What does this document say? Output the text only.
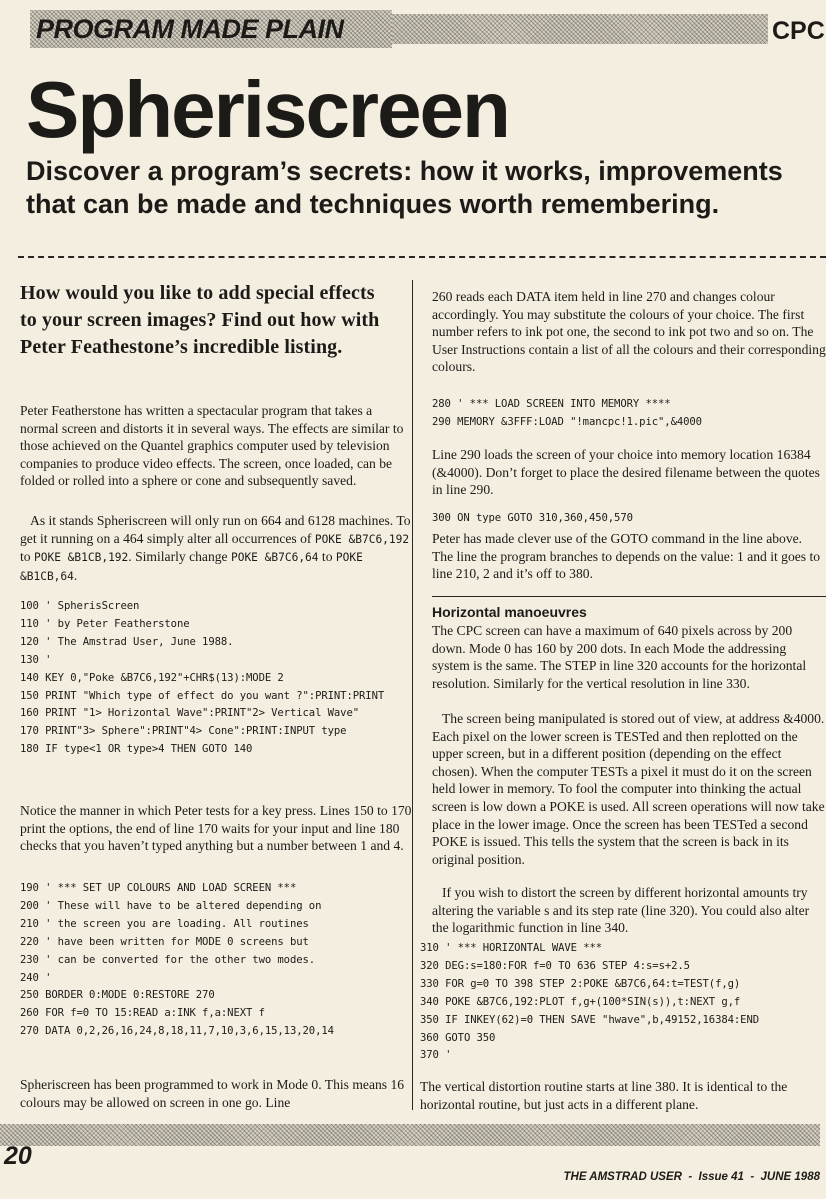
PROGRAM MADE PLAIN	CPC
Spheriscreen
Discover a program’s secrets: how it works, improvements
that can be made and techniques worth remembering.
How would you like to add special effects to your screen images? Find out how with Peter Feathestone’s incredible listing.
Peter Featherstone has written a spectacular program that takes a normal screen and distorts it in several ways. The effects are similar to those achieved on the Quantel graphics computer used by television companies to produce video effects. The screen, once loaded, can be folded or rolled into a sphere or cone and subsequently saved.
As it stands Spheriscreen will only run on 664 and 6128 machines. To get it running on a 464 simply alter all occurrences of POKE &B7C6,192 to POKE &B1CB,192. Similarly change POKE &B7C6,64 to POKE &B1CB,64.
100 ' SpherisScreen
110 ' by Peter Featherstone
120 ' The Amstrad User, June 1988.
130 '
140 KEY 0,"Poke &B7C6,192"+CHR$(13):MODE 2
150 PRINT "Which type of effect do you want ?":PRINT:PRINT
160 PRINT "1> Horizontal Wave":PRINT"2> Vertical Wave"
170 PRINT"3> Sphere":PRINT"4> Cone":PRINT:INPUT type
180 IF type<1 OR type>4 THEN GOTO 140
Notice the manner in which Peter tests for a key press. Lines 150 to 170 print the options, the end of line 170 waits for your input and line 180 checks that you haven’t typed anything but a number between 1 and 4.
190 ' *** SET UP COLOURS AND LOAD SCREEN ***
200 ' These will have to be altered depending on
210 ' the screen you are loading. All routines
220 ' have been written for MODE 0 screens but
230 ' can be converted for the other two modes.
240 '
250 BORDER 0:MODE 0:RESTORE 270
260 FOR f=0 TO 15:READ a:INK f,a:NEXT f
270 DATA 0,2,26,16,24,8,18,11,7,10,3,6,15,13,20,14
Spheriscreen has been programmed to work in Mode 0. This means 16 colours may be allowed on screen in one go. Line
260 reads each DATA item held in line 270 and changes colour accordingly. You may substitute the colours of your choice. The first number refers to ink pot one, the second to ink pot two and so on. The User Instructions contain a list of all the colours and their corresponding colours.
280 ' *** LOAD SCREEN INTO MEMORY ****
290 MEMORY &3FFF:LOAD "!mancpc!1.pic",&4000
Line 290 loads the screen of your choice into memory location 16384 (&4000). Don’t forget to place the desired filename between the quotes in line 290.
300 ON type GOTO 310,360,450,570
Peter has made clever use of the GOTO command in the line above. The line the program branches to depends on the value: 1 and it goes to line 210, 2 and it’s off to 380.
Horizontal manoeuvres
The CPC screen can have a maximum of 640 pixels across by 200 down. Mode 0 has 160 by 200 dots. In each Mode the addressing system is the same. The STEP in line 320 accounts for the horizontal resolution. Similarly for the vertical resolution in line 330.
The screen being manipulated is stored out of view, at address &4000. Each pixel on the lower screen is TESTed and then replotted on the upper screen, but in a different position (depending on the effect chosen). When the computer TESTs a pixel it must do it on the screen held lower in memory. To fool the computer into thinking the actual screen is low down a POKE is used. All screen operations will now take place in the lower image. Once the screen has been TESTed a second POKE is issued. This tells the system that the screen is back in its original position.
If you wish to distort the screen by different horizontal amounts try altering the variable s and its step rate (line 320). You could also alter the logarithmic function in line 340.
310 ' *** HORIZONTAL WAVE ***
320 DEG:s=180:FOR f=0 TO 636 STEP 4:s=s+2.5
330 FOR g=0 TO 398 STEP 2:POKE &B7C6,64:t=TEST(f,g)
340 POKE &B7C6,192:PLOT f,g+(100*SIN(s)),t:NEXT g,f
350 IF INKEY(62)=0 THEN SAVE "hwave",b,49152,16384:END
360 GOTO 350
370 '
The vertical distortion routine starts at line 380. It is identical to the horizontal routine, but just acts in a different plane.
20
THE AMSTRAD USER  -  Issue 41  -  JUNE 1988
